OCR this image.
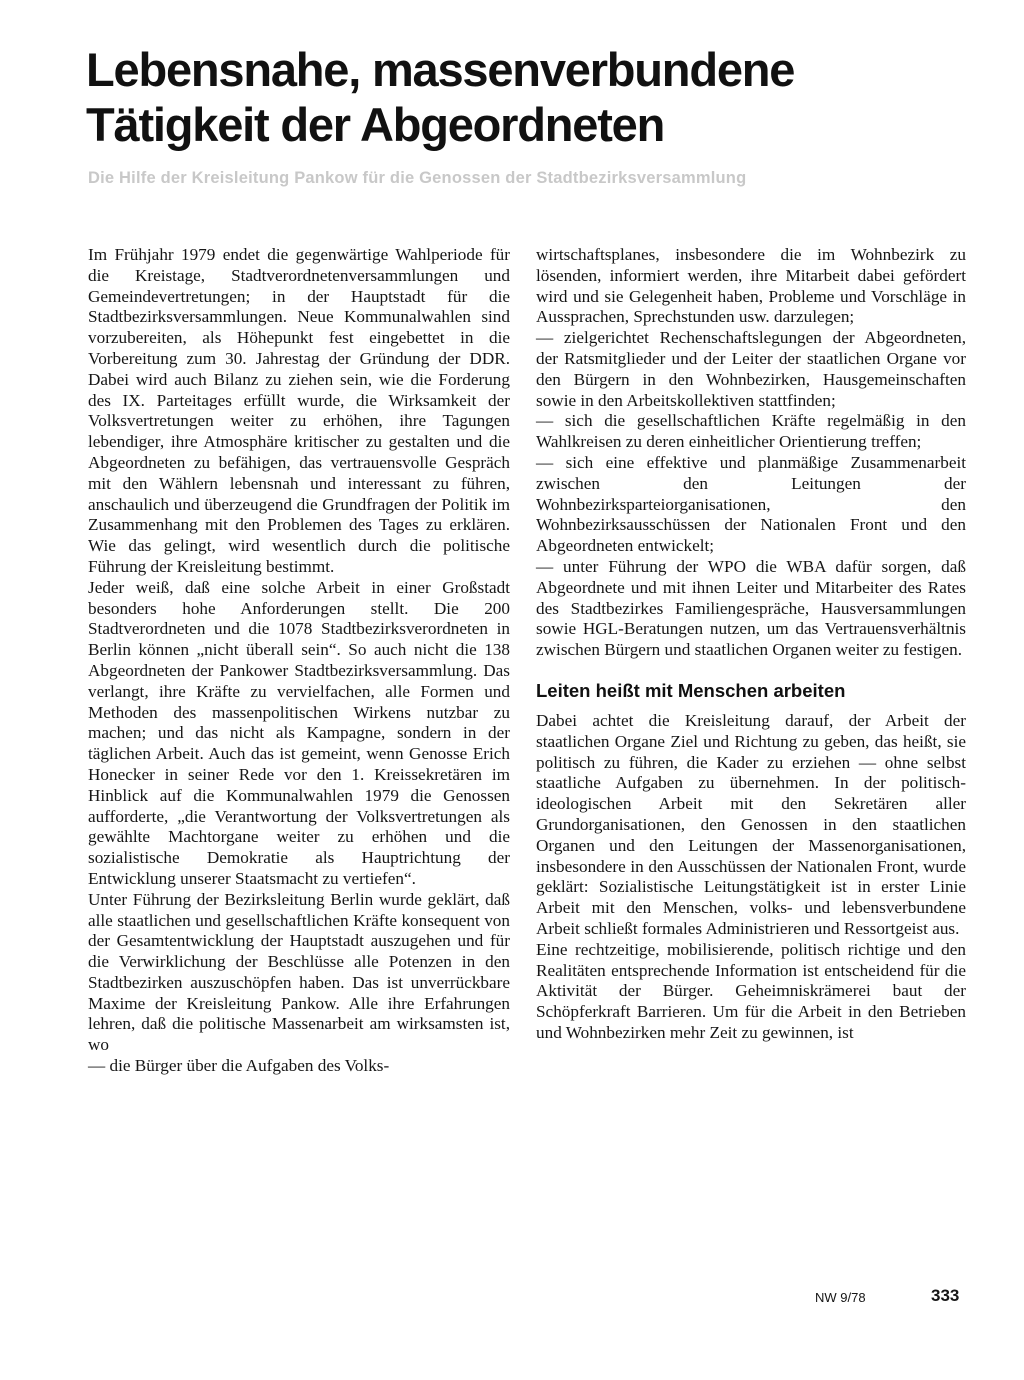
Lebensnahe, massenverbundene Tätigkeit der Abgeordneten
Die Hilfe der Kreisleitung Pankow für die Genossen der Stadtbezirksversammlung

Im Frühjahr 1979 endet die gegenwärtige Wahlperiode für die Kreistage, Stadtverordnetenversammlungen und Gemeindevertretungen; in der Hauptstadt für die Stadtbezirksversammlungen. Neue Kommunalwahlen sind vorzubereiten, als Höhepunkt fest eingebettet in die Vorbereitung zum 30. Jahrestag der Gründung der DDR. Dabei wird auch Bilanz zu ziehen sein, wie die Forderung des IX. Parteitages erfüllt wurde, die Wirksamkeit der Volksvertretungen weiter zu erhöhen, ihre Tagungen lebendiger, ihre Atmosphäre kritischer zu gestalten und die Abgeordneten zu befähigen, das vertrauensvolle Gespräch mit den Wählern lebensnah und interessant zu führen, anschaulich und überzeugend die Grundfragen der Politik im Zusammenhang mit den Problemen des Tages zu erklären. Wie das gelingt, wird wesentlich durch die politische Führung der Kreisleitung bestimmt.

Jeder weiß, daß eine solche Arbeit in einer Großstadt besonders hohe Anforderungen stellt. Die 200 Stadtverordneten und die 1078 Stadtbezirksverordneten in Berlin können „nicht überall sein“. So auch nicht die 138 Abgeordneten der Pankower Stadtbezirksversammlung. Das verlangt, ihre Kräfte zu vervielfachen, alle Formen und Methoden des massenpolitischen Wirkens nutzbar zu machen; und das nicht als Kampagne, sondern in der täglichen Arbeit. Auch das ist gemeint, wenn Genosse Erich Honecker in seiner Rede vor den 1. Kreissekretären im Hinblick auf die Kommunalwahlen 1979 die Genossen aufforderte, „die Verantwortung der Volksvertretungen als gewählte Machtorgane weiter zu erhöhen und die sozialistische Demokratie als Hauptrichtung der Entwicklung unserer Staatsmacht zu vertiefen“.

Unter Führung der Bezirksleitung Berlin wurde geklärt, daß alle staatlichen und gesellschaftlichen Kräfte konsequent von der Gesamtentwicklung der Hauptstadt auszugehen und für die Verwirklichung der Beschlüsse alle Potenzen in den Stadtbezirken auszuschöpfen haben. Das ist unverrückbare Maxime der Kreisleitung Pankow. Alle ihre Erfahrungen lehren, daß die politische Massenarbeit am wirksamsten ist, wo

— die Bürger über die Aufgaben des Volks-

wirtschaftsplanes, insbesondere die im Wohnbezirk zu lösenden, informiert werden, ihre Mitarbeit dabei gefördert wird und sie Gelegenheit haben, Probleme und Vorschläge in Aussprachen, Sprechstunden usw. darzulegen;

— zielgerichtet Rechenschaftslegungen der Abgeordneten, der Ratsmitglieder und der Leiter der staatlichen Organe vor den Bürgern in den Wohnbezirken, Hausgemeinschaften sowie in den Arbeitskollektiven stattfinden;

— sich die gesellschaftlichen Kräfte regelmäßig in den Wahlkreisen zu deren einheitlicher Orientierung treffen;

— sich eine effektive und planmäßige Zusammenarbeit zwischen den Leitungen der Wohnbezirksparteiorganisationen, den Wohnbezirksausschüssen der Nationalen Front und den Abgeordneten entwickelt;

— unter Führung der WPO die WBA dafür sorgen, daß Abgeordnete und mit ihnen Leiter und Mitarbeiter des Rates des Stadtbezirkes Familiengespräche, Hausversammlungen sowie HGL-Beratungen nutzen, um das Vertrauensverhältnis zwischen Bürgern und staatlichen Organen weiter zu festigen.

Leiten heißt mit Menschen arbeiten

Dabei achtet die Kreisleitung darauf, der Arbeit der staatlichen Organe Ziel und Richtung zu geben, das heißt, sie politisch zu führen, die Kader zu erziehen — ohne selbst staatliche Aufgaben zu übernehmen. In der politisch-ideologischen Arbeit mit den Sekretären aller Grundorganisationen, den Genossen in den staatlichen Organen und den Leitungen der Massenorganisationen, insbesondere in den Ausschüssen der Nationalen Front, wurde geklärt: Sozialistische Leitungstätigkeit ist in erster Linie Arbeit mit den Menschen, volks- und lebensverbundene Arbeit schließt formales Administrieren und Ressortgeist aus.

Eine rechtzeitige, mobilisierende, politisch richtige und den Realitäten entsprechende Information ist entscheidend für die Aktivität der Bürger. Geheimniskrämerei baut der Schöpferkraft Barrieren. Um für die Arbeit in den Betrieben und Wohnbezirken mehr Zeit zu gewinnen, ist

NW 9/78	333
